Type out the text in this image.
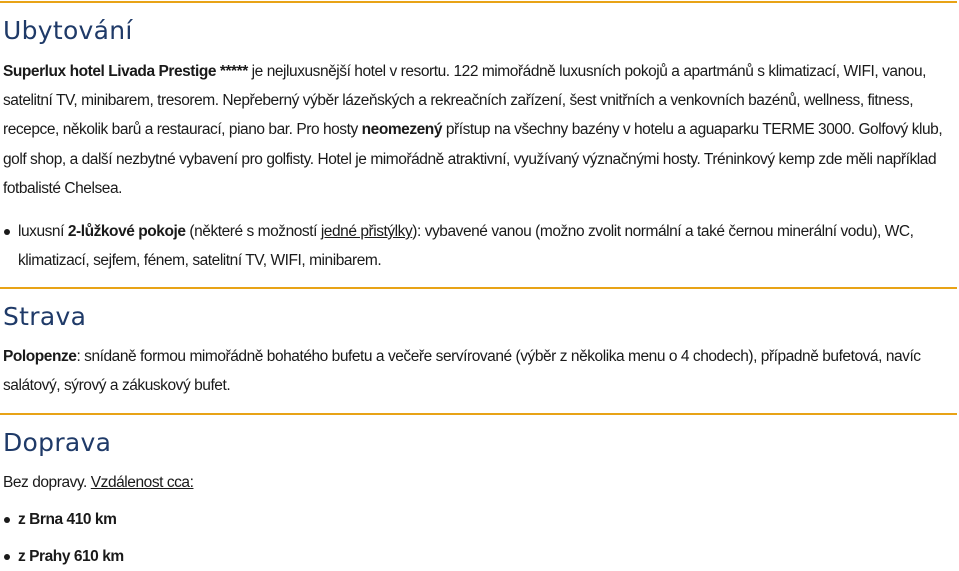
Ubytování

Superlux hotel Livada Prestige ***** je nejluxusnější hotel v resortu. 122 mimořádně luxusních pokojů a apartmánů s klimatizací, WIFI, vanou, satelitní TV, minibarem, tresorem. Nepřeberný výběr lázeňských a rekreačních zařízení, šest vnitřních a venkovních bazénů, wellness, fitness, recepce, několik barů a restaurací, piano bar. Pro hosty neomezený přístup na všechny bazény v hotelu a aguaparku TERME 3000. Golfový klub, golf shop, a další nezbytné vybavení pro golfisty. Hotel je mimořádně atraktivní, využívaný význačnými hosty. Tréninkový kemp zde měli například fotbalisté Chelsea.

luxusní 2-lůžkové pokoje (některé s možností jedné přistýlky): vybavené vanou (možno zvolit normální a také černou minerální vodu), WC, klimatizací, sejfem, fénem, satelitní TV, WIFI, minibarem.
Strava

Polopenze: snídaně formou mimořádně bohatého bufetu a večeře servírované (výběr z několika menu o 4 chodech), případně bufetová, navíc salátový, sýrový a zákuskový bufet.

Doprava

Bez dopravy. Vzdálenost cca:

z Brna 410 km
z Prahy 610 km
